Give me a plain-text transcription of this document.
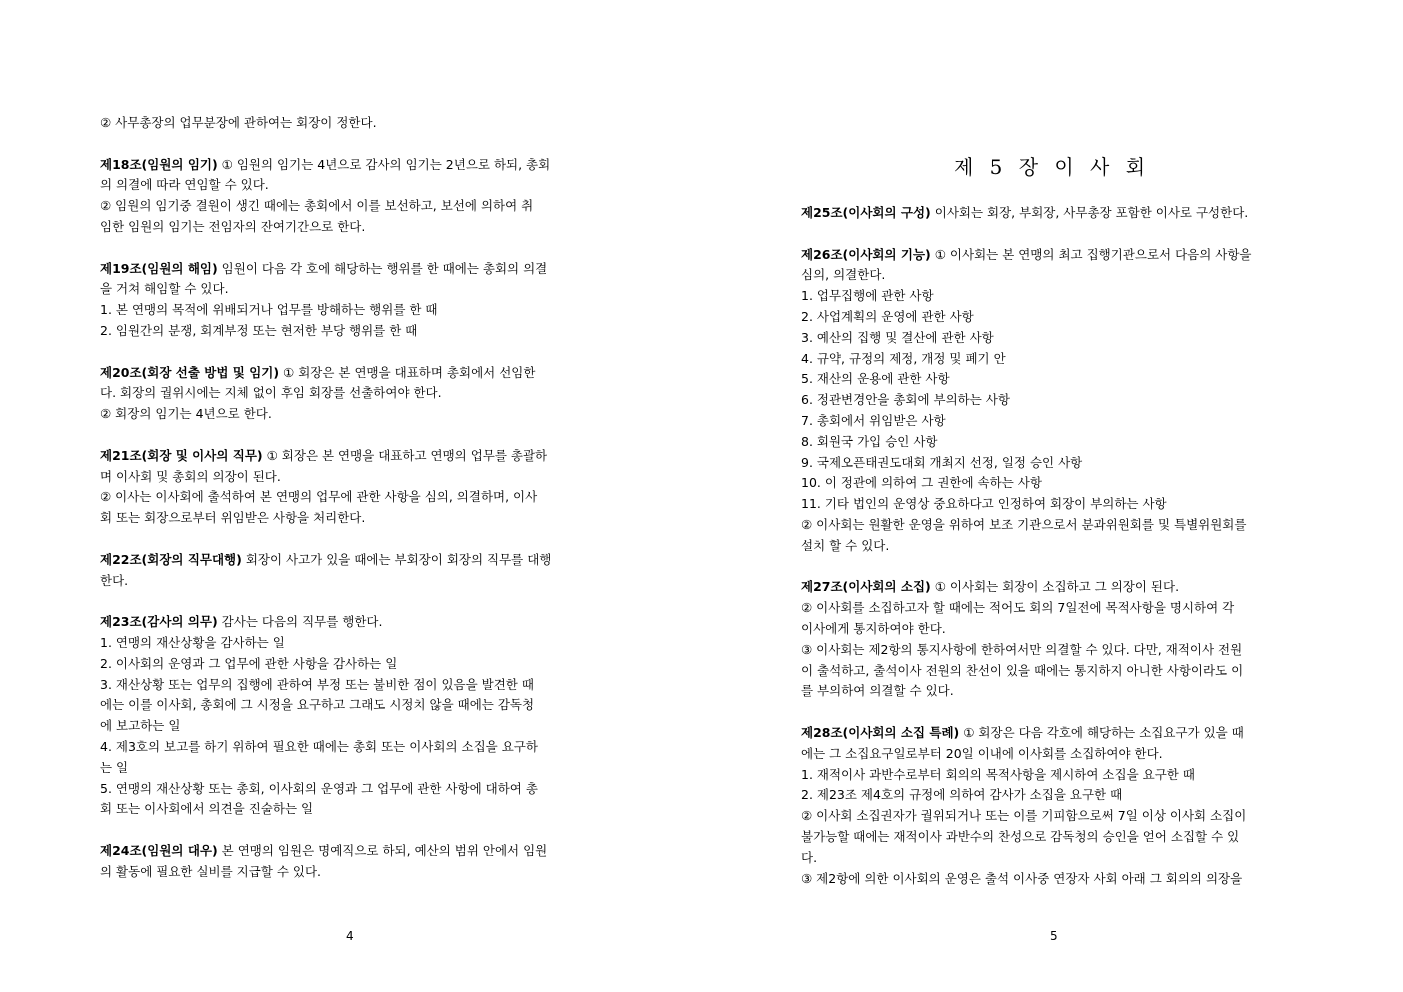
② 사무총장의 업무분장에 관하여는 회장이 정한다.
제18조(임원의 임기) ① 임원의 임기는 4년으로 감사의 임기는 2년으로 하되, 총회
의 의결에 따라 연임할 수 있다.
② 임원의 임기중 결원이 생긴 때에는 총회에서 이를 보선하고, 보선에 의하여 취
임한 임원의 임기는 전임자의 잔여기간으로 한다.
제19조(임원의 해임) 임원이 다음 각 호에 해당하는 행위를 한 때에는 총회의 의결
을 거쳐 해임할 수 있다.
1. 본 연맹의 목적에 위배되거나 업무를 방해하는 행위를 한 때
2. 임원간의 분쟁, 회계부정 또는 현저한 부당 행위를 한 때
제20조(회장 선출 방법 및 임기) ① 회장은 본 연맹을 대표하며 총회에서 선임한
다. 회장의 궐위시에는 지체 없이 후임 회장를 선출하여야 한다.
② 회장의 임기는 4년으로 한다.
제21조(회장 및 이사의 직무) ① 회장은 본 연맹을 대표하고 연맹의 업무를 총괄하
며 이사회 및 총회의 의장이 된다.
② 이사는 이사회에 출석하여 본 연맹의 업무에 관한 사항을 심의, 의결하며, 이사
회 또는 회장으로부터 위임받은 사항을 처리한다.
제22조(회장의 직무대행) 회장이 사고가 있을 때에는 부회장이 회장의 직무를 대행
한다.
제23조(감사의 의무) 감사는 다음의 직무를 행한다.
1. 연맹의 재산상황을 감사하는 일
2. 이사회의 운영과 그 업무에 관한 사항을 감사하는 일
3. 재산상황 또는 업무의 집행에 관하여 부정 또는 불비한 점이 있음을 발견한 때
에는 이를 이사회, 총회에 그 시정을 요구하고 그래도 시정치 않을 때에는 감독청
에 보고하는 일
4. 제3호의 보고를 하기 위하여 필요한 때에는 총회 또는 이사회의 소집을 요구하
는 일
5. 연맹의 재산상황 또는 총회, 이사회의 운영과 그 업무에 관한 사항에 대하여 총
회 또는 이사회에서 의견을 진술하는 일
제24조(임원의 대우) 본 연맹의 임원은 명예직으로 하되, 예산의 범위 안에서 임원
의 활동에 필요한 실비를 지급할 수 있다.
4
제 5 장 이 사 회
제25조(이사회의 구성) 이사회는 회장, 부회장, 사무총장 포함한 이사로 구성한다.
제26조(이사회의 기능) ① 이사회는 본 연맹의 최고 집행기관으로서 다음의 사항을
심의, 의결한다.
1. 업무집행에 관한 사항
2. 사업계획의 운영에 관한 사항
3. 예산의 집행 및 결산에 관한 사항
4. 규약, 규정의 제정, 개정 및 폐기 안
5. 재산의 운용에 관한 사항
6. 정관변경안을 총회에 부의하는 사항
7. 총회에서 위임받은 사항
8. 회원국 가입 승인 사항
9. 국제오픈태권도대회 개최지 선정, 일정 승인 사항
10. 이 정관에 의하여 그 권한에 속하는 사항
11. 기타 법인의 운영상 중요하다고 인정하여 회장이 부의하는 사항
② 이사회는 원활한 운영을 위하여 보조 기관으로서 분과위원회를 및 특별위원회를
설치 할 수 있다.
제27조(이사회의 소집) ① 이사회는 회장이 소집하고 그 의장이 된다.
② 이사회를 소집하고자 할 때에는 적어도 회의 7일전에 목적사항을 명시하여 각
이사에게 통지하여야 한다.
③ 이사회는 제2항의 통지사항에 한하여서만 의결할 수 있다. 다만, 재적이사 전원
이 출석하고, 출석이사 전원의 찬선이 있을 때에는 통지하지 아니한 사항이라도 이
를 부의하여 의결할 수 있다.
제28조(이사회의 소집 특례) ① 회장은 다음 각호에 해당하는 소집요구가 있을 때
에는 그 소집요구일로부터 20일 이내에 이사회를 소집하여야 한다.
1. 재적이사 과반수로부터 회의의 목적사항을 제시하여 소집을 요구한 때
2. 제23조 제4호의 규정에 의하여 감사가 소집을 요구한 때
② 이사회 소집권자가 궐위되거나 또는 이를 기피함으로써 7일 이상 이사회 소집이
불가능할 때에는 재적이사 과반수의 찬성으로 감독청의 승인을 얻어 소집할 수 있
다.
③ 제2항에 의한 이사회의 운영은 출석 이사중 연장자 사회 아래 그 회의의 의장을
5
